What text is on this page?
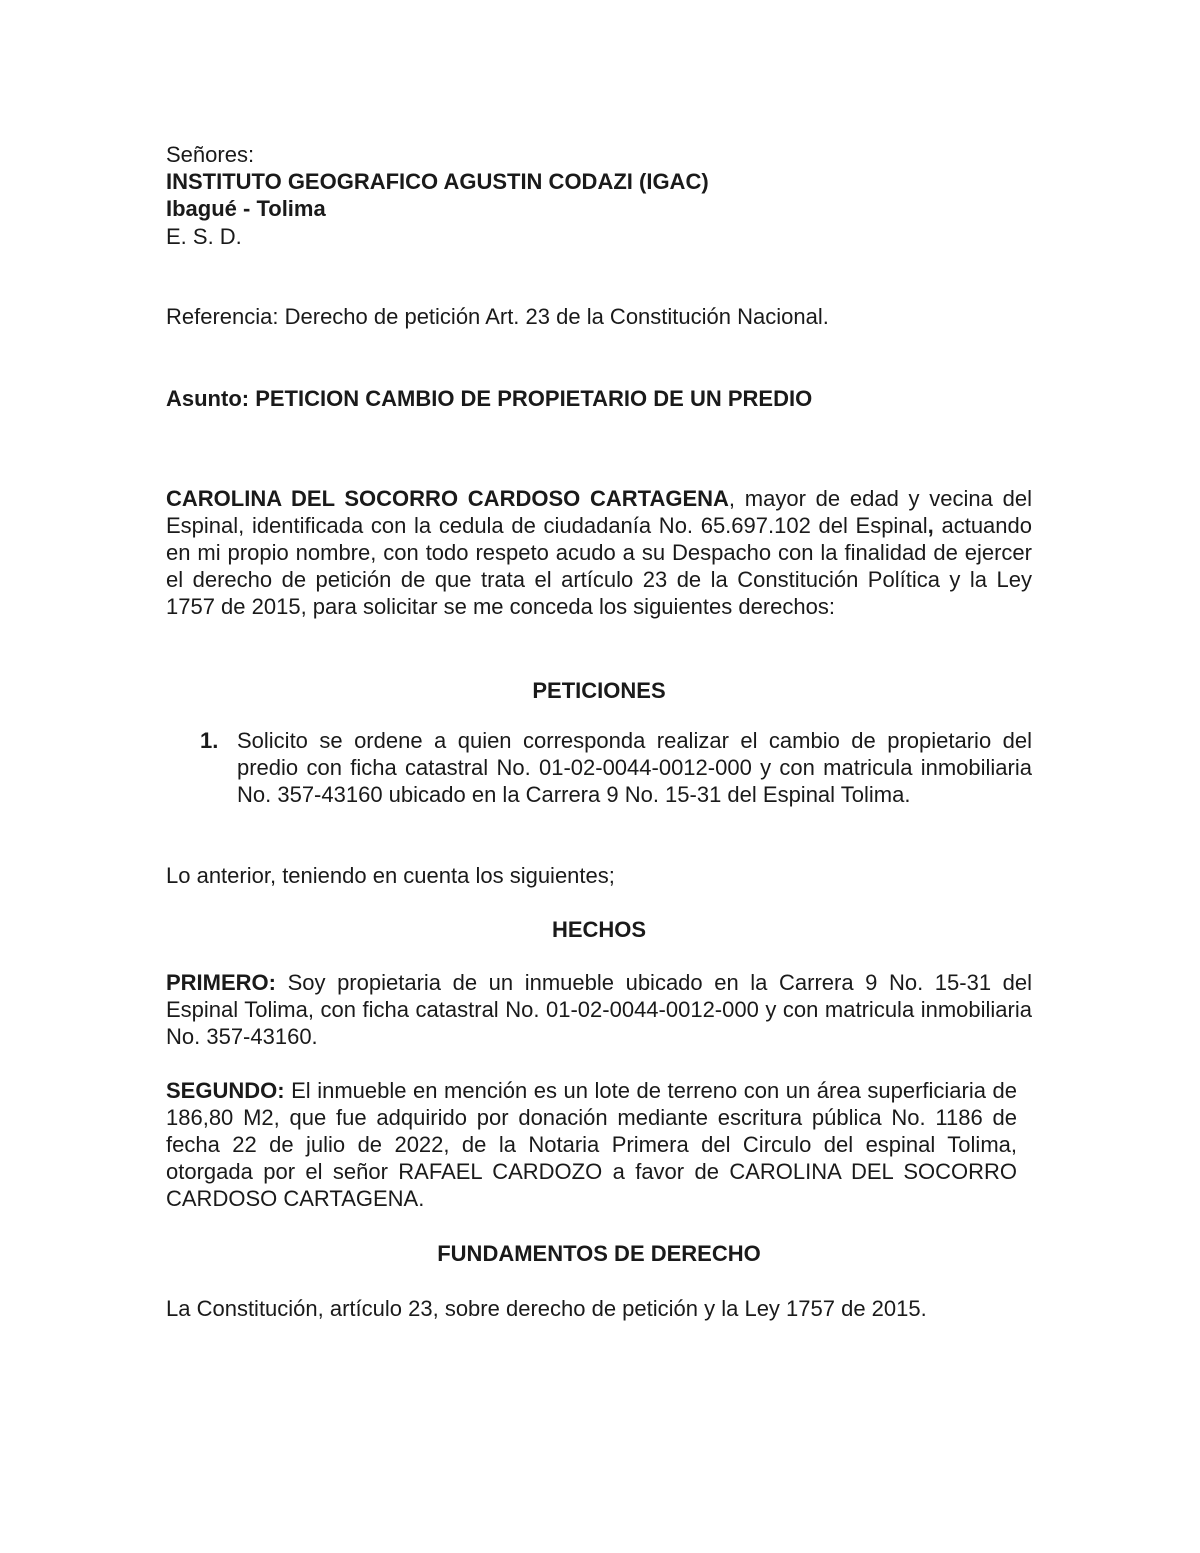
Señores:
INSTITUTO GEOGRAFICO AGUSTIN CODAZI (IGAC)
Ibagué - Tolima
E. S. D.
Referencia: Derecho de petición Art. 23 de la Constitución Nacional.
Asunto: PETICION CAMBIO DE PROPIETARIO DE UN PREDIO

CAROLINA DEL SOCORRO CARDOSO CARTAGENA, mayor de edad y vecina del Espinal, identificada con la cedula de ciudadanía No. 65.697.102 del Espinal, actuando en mi propio nombre, con todo respeto acudo a su Despacho con la finalidad de ejercer el derecho de petición de que trata el artículo 23 de la Constitución Política y la Ley 1757 de 2015, para solicitar se me conceda los siguientes derechos:

PETICIONES
1. Solicito se ordene a quien corresponda realizar el cambio de propietario del predio con ficha catastral No. 01-02-0044-0012-000 y con matricula inmobiliaria No. 357-43160 ubicado en la Carrera 9 No. 15-31 del Espinal Tolima.

Lo anterior, teniendo en cuenta los siguientes;
HECHOS

PRIMERO: Soy propietaria de un inmueble ubicado en la Carrera 9 No. 15-31 del Espinal Tolima, con ficha catastral No. 01-02-0044-0012-000 y con matricula inmobiliaria No. 357-43160.

SEGUNDO: El inmueble en mención es un lote de terreno con un área superficiaria de 186,80 M2, que fue adquirido por donación mediante escritura pública No. 1186 de fecha 22 de julio de 2022, de la Notaria Primera del Circulo del espinal Tolima, otorgada por el señor RAFAEL CARDOZO a favor de CAROLINA DEL SOCORRO CARDOSO CARTAGENA.

FUNDAMENTOS DE DERECHO
La Constitución, artículo 23, sobre derecho de petición y la Ley 1757 de 2015.
